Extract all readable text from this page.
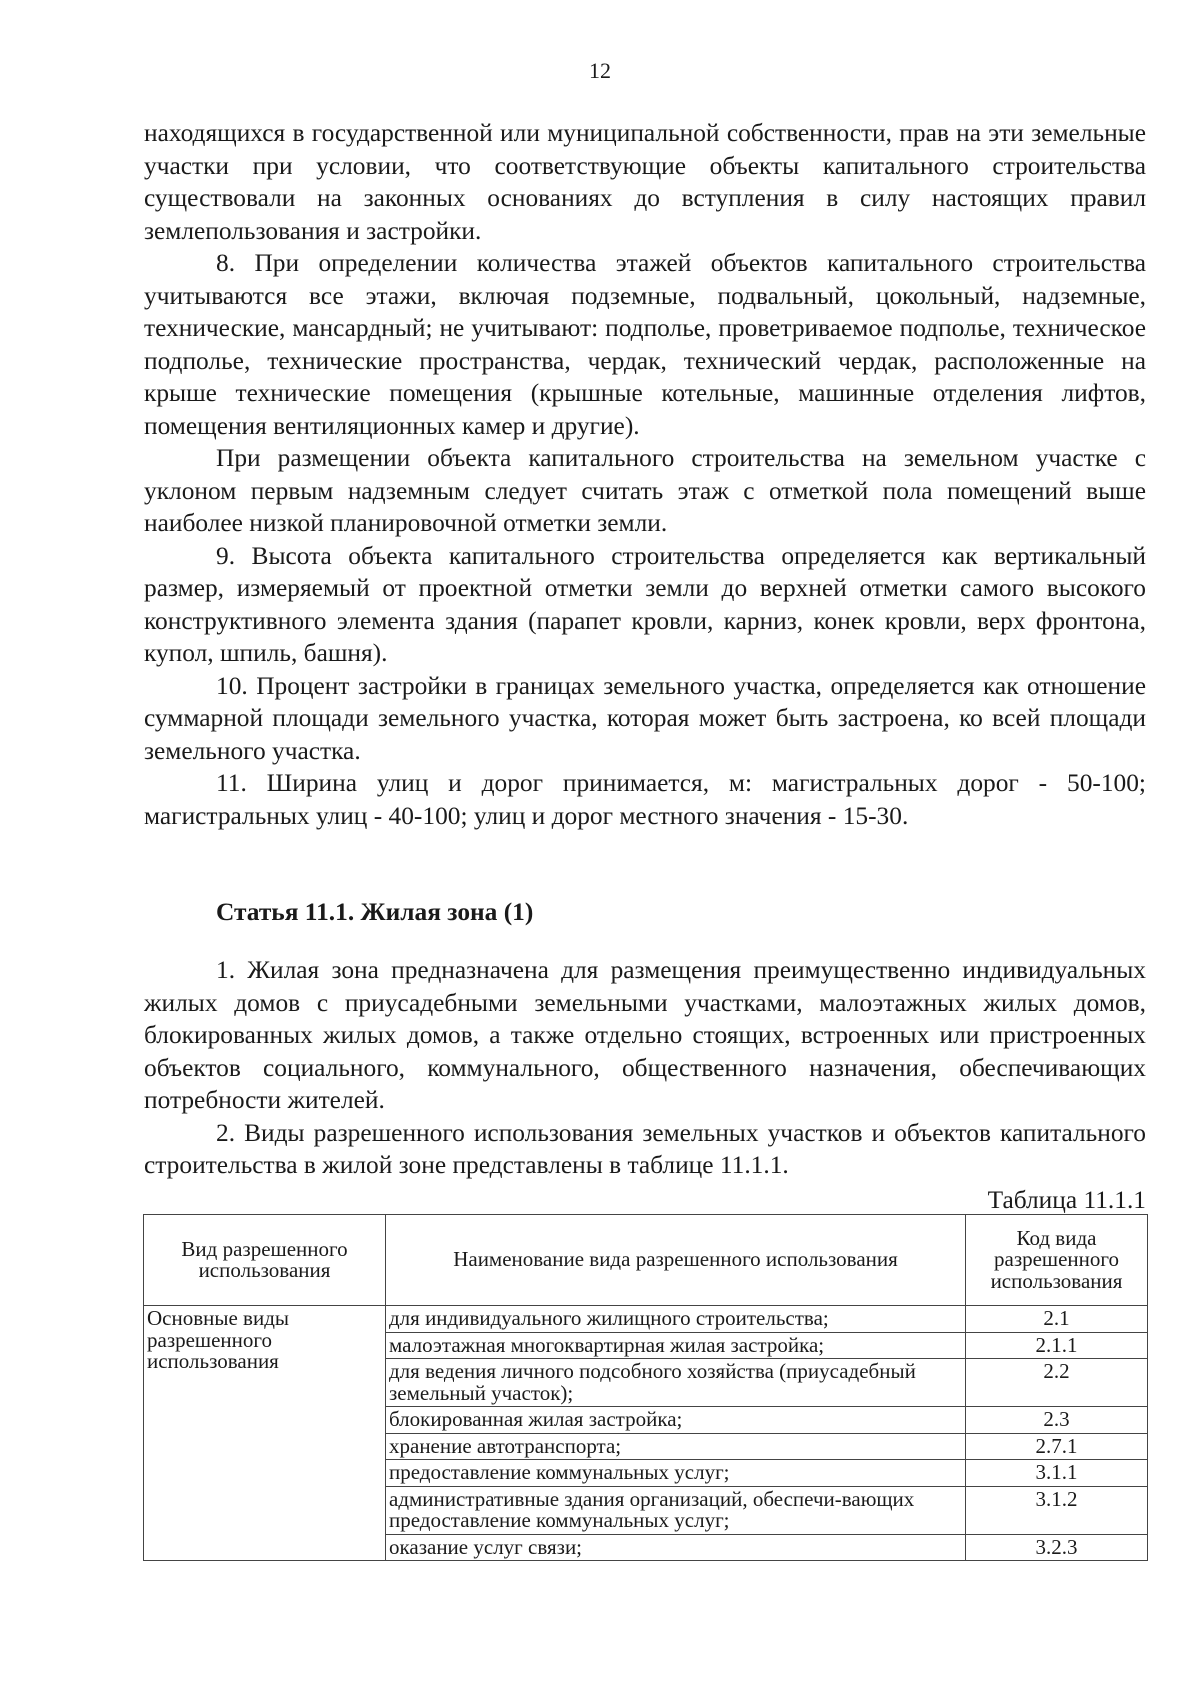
12

находящихся в государственной или муниципальной собственности, прав на эти земельные участки при условии, что соответствующие объекты капитального строительства существовали на законных основаниях до вступления в силу настоящих правил землепользования и застройки.

8. При определении количества этажей объектов капитального строительства учитываются все этажи, включая подземные, подвальный, цокольный, надземные, технические, мансардный; не учитывают: подполье, проветриваемое подполье, техническое подполье, технические пространства, чердак, технический чердак, расположенные на крыше технические помещения (крышные котельные, машинные отделения лифтов, помещения вентиляционных камер и другие).

При размещении объекта капитального строительства на земельном участке с уклоном первым надземным следует считать этаж с отметкой пола помещений выше наиболее низкой планировочной отметки земли.

9. Высота объекта капитального строительства определяется как вертикальный размер, измеряемый от проектной отметки земли до верхней отметки самого высокого конструктивного элемента здания (парапет кровли, карниз, конек кровли, верх фронтона, купол, шпиль, башня).

10. Процент застройки в границах земельного участка, определяется как отношение суммарной площади земельного участка, которая может быть застроена, ко всей площади земельного участка.

11. Ширина улиц и дорог принимается, м: магистральных дорог - 50-100; магистральных улиц - 40-100; улиц и дорог местного значения - 15-30.

Статья 11.1. Жилая зона (1)

1. Жилая зона предназначена для размещения преимущественно индивидуальных жилых домов с приусадебными земельными участками, малоэтажных жилых домов, блокированных жилых домов, а также отдельно стоящих, встроенных или пристроенных объектов социального, коммунального, общественного назначения, обеспечивающих потребности жителей.

2. Виды разрешенного использования земельных участков и объектов капитального строительства в жилой зоне представлены в таблице 11.1.1.

Таблица 11.1.1
Вид разрешенного использования	Наименование вида разрешенного использования	Код вида разрешенного использования
Основные виды разрешенного использования	для индивидуального жилищного строительства;	2.1
	малоэтажная многоквартирная жилая застройка;	2.1.1
	для ведения личного подсобного хозяйства (приусадебный земельный участок);	2.2
	блокированная жилая застройка;	2.3
	хранение автотранспорта;	2.7.1
	предоставление коммунальных услуг;	3.1.1
	административные здания организаций, обеспечи-вающих предоставление коммунальных услуг;	3.1.2
	оказание услуг связи;	3.2.3
